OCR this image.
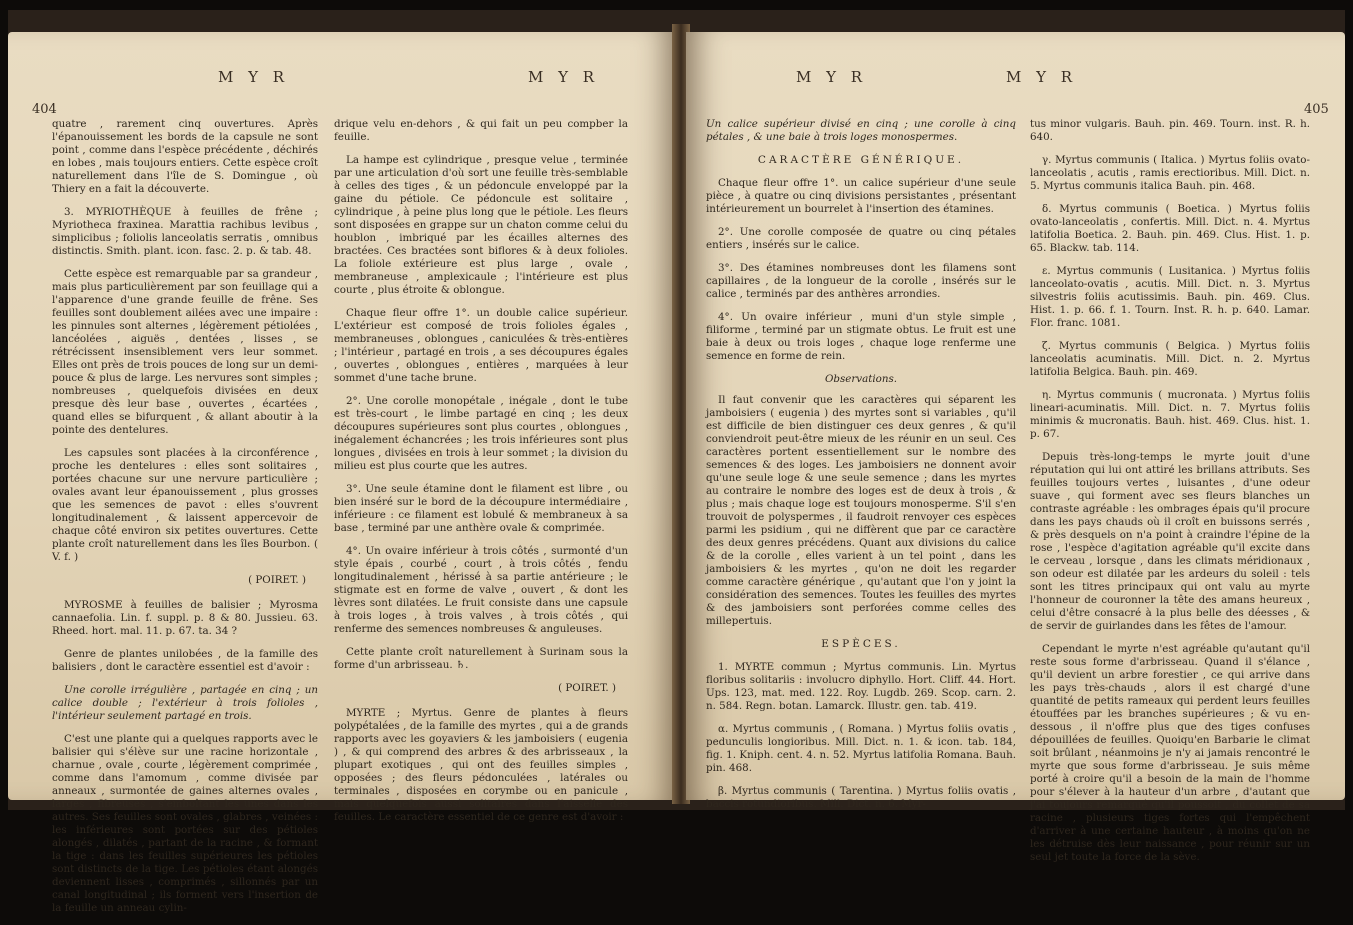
404
M Y R	M Y R

quatre , rarement cinq ouvertures. Après l'épanouissement les bords de la capsule ne sont point , comme dans l'espèce précédente , déchirés en lobes , mais toujours entiers. Cette espèce croît naturellement dans l'île de S. Domingue , où Thiery en a fait la découverte.

3. MYRIOTHÈQUE à feuilles de frêne ; Myriotheca fraxinea. Marattia rachibus levibus , simplicibus ; foliolis lanceolatis serratis , omnibus distinctis. Smith. plant. icon. fasc. 2. p. & tab. 48.

Cette espèce est remarquable par sa grandeur , mais plus particulièrement par son feuillage qui a l'apparence d'une grande feuille de frêne. Ses feuilles sont doublement ailées avec une impaire : les pinnules sont alternes , légèrement pétiolées , lancéolées , aiguës , dentées , lisses , se rétrécissent insensiblement vers leur sommet. Elles ont près de trois pouces de long sur un demi-pouce & plus de large. Les nervures sont simples ; nombreuses , quelquefois divisées en deux presque dès leur base , ouvertes , écartées , quand elles se bifurquent , & allant aboutir à la pointe des dentelures.

Les capsules sont placées à la circonférence , proche les dentelures : elles sont solitaires , portées chacune sur une nervure particulière ; ovales avant leur épanouissement , plus grosses que les semences de pavot : elles s'ouvrent longitudinalement , & laissent appercevoir de chaque côté environ six petites ouvertures. Cette plante croît naturellement dans les îles Bourbon. ( V. f. )

( POIRET. )

MYROSME à feuilles de balisier ; Myrosma cannaefolia. Lin. f. suppl. p. 8 & 80. Jussieu. 63. Rheed. hort. mal. 11. p. 67. ta. 34 ?

Genre de plantes unilobées , de la famille des balisiers , dont le caractère essentiel est d'avoir :

Une corolle irrégulière , partagée en cinq ; un calice double ; l'extérieur à trois folioles , l'intérieur seulement partagé en trois.

C'est une plante qui a quelques rapports avec le balisier qui s'élève sur une racine horizontale , charnue , ovale , courte , légèrement comprimée , comme dans l'amomum , comme divisée par anneaux , surmontée de gaines alternes ovales , larges , fibreuses , s'emboîtant les unes dans les autres. Ses feuilles sont ovales , glabres , veinées : les inférieures sont portées sur des pétioles alongés , dilatés , partant de la racine , & formant la tige : dans les feuilles supérieures les pétioles sont distincts de la tige. Les pétioles étant alongés deviennent lisses , comprimés , sillonnés par un canal longitudinal ; ils forment vers l'insertion de la feuille un anneau cylin-

drique velu en-dehors , & qui fait un peu compber la feuille.

La hampe est cylindrique , presque velue , terminée par une articulation d'où sort une feuille très-semblable à celles des tiges , & un pédoncule enveloppé par la gaine du pétiole. Ce pédoncule est solitaire , cylindrique , à peine plus long que le pétiole. Les fleurs sont disposées en grappe sur un chaton comme celui du houblon , imbriqué par les écailles alternes des bractées. Ces bractées sont biflores & à deux folioles. La foliole extérieure est plus large , ovale , membraneuse , amplexicaule ; l'intérieure est plus courte , plus étroite & oblongue.

Chaque fleur offre 1°. un double calice supérieur. L'extérieur est composé de trois folioles égales , membraneuses , oblongues , caniculées & très-entières ; l'intérieur , partagé en trois , a ses découpures égales , ouvertes , oblongues , entières , marquées à leur sommet d'une tache brune.

2°. Une corolle monopétale , inégale , dont le tube est très-court , le limbe partagé en cinq ; les deux découpures supérieures sont plus courtes , oblongues , inégalement échancrées ; les trois inférieures sont plus longues , divisées en trois à leur sommet ; la division du milieu est plus courte que les autres.

3°. Une seule étamine dont le filament est libre , ou bien inséré sur le bord de la découpure intermédiaire , inférieure : ce filament est lobulé & membraneux à sa base , terminé par une anthère ovale & comprimée.

4°. Un ovaire inférieur à trois côtés , surmonté d'un style épais , courbé , court , à trois côtés , fendu longitudinalement , hérissé à sa partie antérieure ; le stigmate est en forme de valve , ouvert , & dont les lèvres sont dilatées. Le fruit consiste dans une capsule à trois loges , à trois valves , à trois côtés , qui renferme des semences nombreuses & anguleuses.

Cette plante croît naturellement à Surinam sous la forme d'un arbrisseau. ♄.

( POIRET. )

MYRTE ; Myrtus. Genre de plantes à fleurs polypétalées , de la famille des myrtes , qui a de grands rapports avec les goyaviers & les jamboisiers ( eugenia ) , & qui comprend des arbres & des arbrisseaux , la plupart exotiques , qui ont des feuilles simples , opposées ; des fleurs pédonculées , latérales ou terminales , disposées en corymbe ou en panicule , mais quelquefois aussi solitaires dans l'aisselle des feuilles. Le caractère essentiel de ce genre est d'avoir :

M Y R	M Y R
405

Un calice supérieur divisé en cinq ; une corolle à cinq pétales , & une baie à trois loges monospermes.

CARACTÈRE GÉNÉRIQUE.

Chaque fleur offre 1°. un calice supérieur d'une seule pièce , à quatre ou cinq divisions persistantes , présentant intérieurement un bourrelet à l'insertion des étamines.

2°. Une corolle composée de quatre ou cinq pétales entiers , insérés sur le calice.

3°. Des étamines nombreuses dont les filamens sont capillaires , de la longueur de la corolle , insérés sur le calice , terminés par des anthères arrondies.

4°. Un ovaire inférieur , muni d'un style simple , filiforme , terminé par un stigmate obtus. Le fruit est une baie à deux ou trois loges , chaque loge renferme une semence en forme de rein.

Observations.

Il faut convenir que les caractères qui séparent les jamboisiers ( eugenia ) des myrtes sont si variables , qu'il est difficile de bien distinguer ces deux genres , & qu'il conviendroit peut-être mieux de les réunir en un seul. Ces caractères portent essentiellement sur le nombre des semences & des loges. Les jamboisiers ne donnent avoir qu'une seule loge & une seule semence ; dans les myrtes au contraire le nombre des loges est de deux à trois , & plus ; mais chaque loge est toujours monosperme. S'il s'en trouvoit de polyspermes , il faudroit renvoyer ces espèces parmi les psidium , qui ne diffèrent que par ce caractère des deux genres précédens. Quant aux divisions du calice & de la corolle , elles varient à un tel point , dans les jamboisiers & les myrtes , qu'on ne doit les regarder comme caractère générique , qu'autant que l'on y joint la considération des semences. Toutes les feuilles des myrtes & des jamboisiers sont perforées comme celles des millepertuis.

ESPÈCES.

1. MYRTE commun ; Myrtus communis. Lin. Myrtus floribus solitariis : involucro diphyllo. Hort. Cliff. 44. Hort. Ups. 123, mat. med. 122. Roy. Lugdb. 269. Scop. carn. 2. n. 584. Regn. botan. Lamarck. Illustr. gen. tab. 419.

α. Myrtus communis , ( Romana. ) Myrtus foliis ovatis , pedunculis longioribus. Mill. Dict. n. 1. & icon. tab. 184, fig. 1. Kniph. cent. 4. n. 52. Myrtus latifolia Romana. Bauh. pin. 468.

β. Myrtus communis ( Tarentina. ) Myrtus foliis ovatis , baccis rotundioribus. Mill. Dict. n. 6. Myr-

tus minor vulgaris. Bauh. pin. 469. Tourn. inst. R. h. 640.

γ. Myrtus communis ( Italica. ) Myrtus foliis ovato-lanceolatis , acutis , ramis erectioribus. Mill. Dict. n. 5. Myrtus communis italica Bauh. pin. 468.

δ. Myrtus communis ( Boetica. ) Myrtus foliis ovato-lanceolatis , confertis. Mill. Dict. n. 4. Myrtus latifolia Boetica. 2. Bauh. pin. 469. Clus. Hist. 1. p. 65. Blackw. tab. 114.

ε. Myrtus communis ( Lusitanica. ) Myrtus foliis lanceolato-ovatis , acutis. Mill. Dict. n. 3. Myrtus silvestris foliis acutissimis. Bauh. pin. 469. Clus. Hist. 1. p. 66. f. 1. Tourn. Inst. R. h. p. 640. Lamar. Flor. franc. 1081.

ζ. Myrtus communis ( Belgica. ) Myrtus foliis lanceolatis acuminatis. Mill. Dict. n. 2. Myrtus latifolia Belgica. Bauh. pin. 469.

η. Myrtus communis ( mucronata. ) Myrtus foliis lineari-acuminatis. Mill. Dict. n. 7. Myrtus foliis minimis & mucronatis. Bauh. hist. 469. Clus. hist. 1. p. 67.

Depuis très-long-temps le myrte jouit d'une réputation qui lui ont attiré les brillans attributs. Ses feuilles toujours vertes , luisantes , d'une odeur suave , qui forment avec ses fleurs blanches un contraste agréable : les ombrages épais qu'il procure dans les pays chauds où il croît en buissons serrés , & près desquels on n'a point à craindre l'épine de la rose , l'espèce d'agitation agréable qu'il excite dans le cerveau , lorsque , dans les climats méridionaux , son odeur est dilatée par les ardeurs du soleil : tels sont les titres principaux qui ont valu au myrte l'honneur de couronner la tête des amans heureux , celui d'être consacré à la plus belle des déesses , & de servir de guirlandes dans les fêtes de l'amour.

Cependant le myrte n'est agréable qu'autant qu'il reste sous forme d'arbrisseau. Quand il s'élance , qu'il devient un arbre forestier , ce qui arrive dans les pays très-chauds , alors il est chargé d'une quantité de petits rameaux qui perdent leurs feuilles étouffées par les branches supérieures ; & vu en-dessous , il n'offre plus que des tiges confuses dépouillées de feuilles. Quoiqu'en Barbarie le climat soit brûlant , néanmoins je n'y ai jamais rencontré le myrte que sous forme d'arbrisseau. Je suis même porté à croire qu'il a besoin de la main de l'homme pour s'élever à la hauteur d'un arbre , d'autant que j'ai toujours remarqué qu'il poussoit , du collet de sa racine , plusieurs tiges fortes qui l'empêchent d'arriver à une certaine hauteur , à moins qu'on ne les détruise dès leur naissance , pour réunir sur un seul jet toute la force de la sève.
